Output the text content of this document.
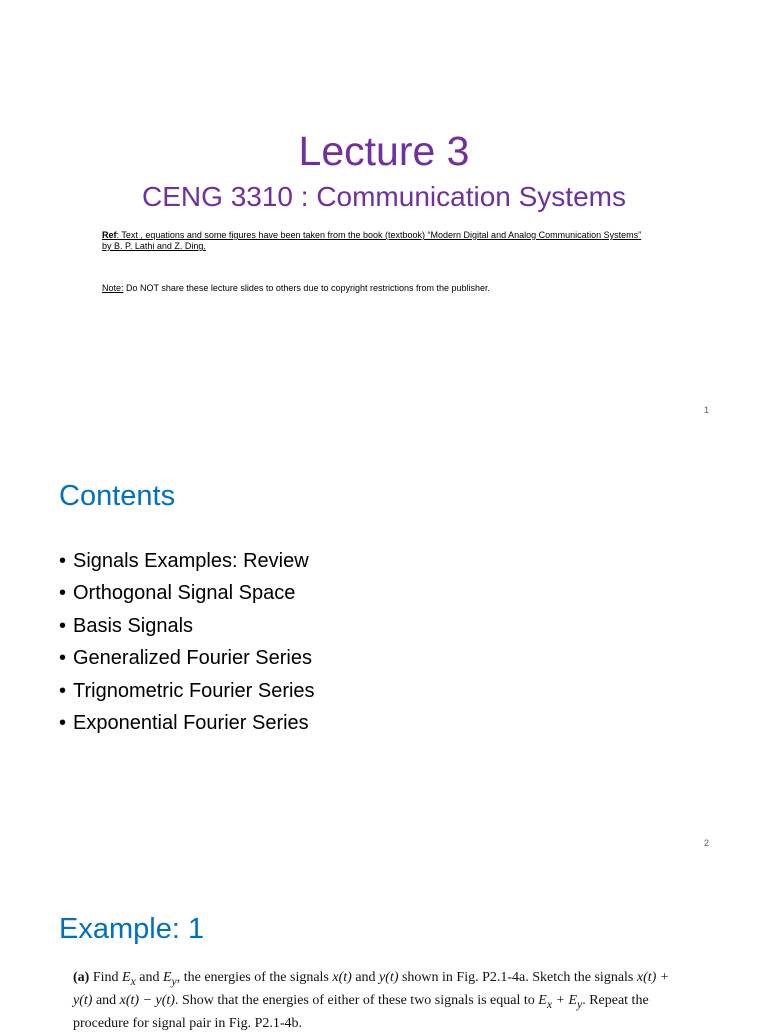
Lecture 3
CENG 3310 : Communication Systems
Ref: Text , equations and some figures have been taken from the book (textbook) “Modern Digital and Analog Communication Systems” by B. P. Lathi and Z. Ding.
Note: Do NOT share these lecture slides to others due to copyright restrictions from the publisher.
1
Contents
• Signals Examples: Review
• Orthogonal Signal Space
• Basis Signals
• Generalized Fourier Series
• Trignometric Fourier Series
• Exponential Fourier Series
2
Example: 1
(a) Find $E_x$ and $E_y$, the energies of the signals x(t) and y(t) shown in Fig. P2.1-4a. Sketch the signals x(t) + y(t) and x(t) − y(t). Show that the energies of either of these two signals is equal to $E_x + E_y$. Repeat the procedure for signal pair in Fig. P2.1-4b.
